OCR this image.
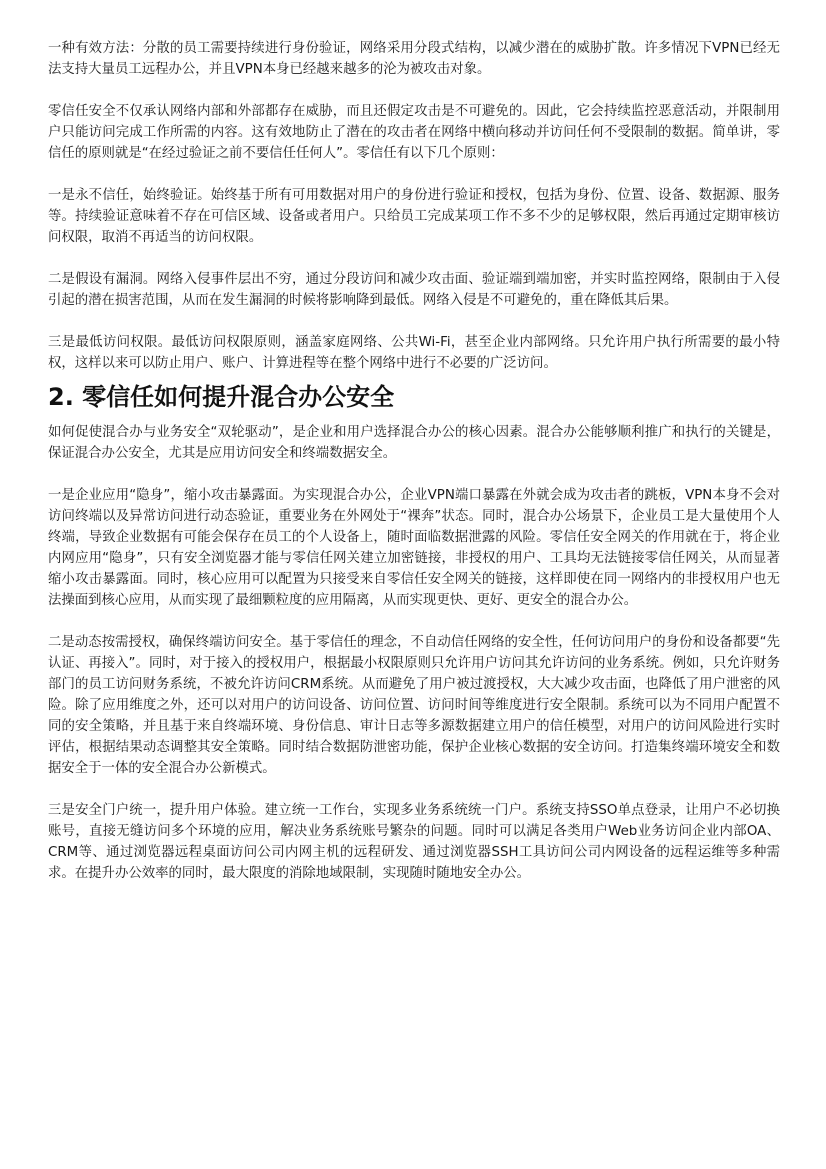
一种有效方法：分散的员工需要持续进行身份验证，网络采用分段式结构，以减少潜在的威胁扩散。许多情况下VPN已经无法支持大量员工远程办公，并且VPN本身已经越来越多的沦为被攻击对象。

零信任安全不仅承认网络内部和外部都存在威胁，而且还假定攻击是不可避免的。因此，它会持续监控恶意活动，并限制用户只能访问完成工作所需的内容。这有效地防止了潜在的攻击者在网络中横向移动并访问任何不受限制的数据。简单讲，零信任的原则就是“在经过验证之前不要信任任何人”。零信任有以下几个原则：

一是永不信任，始终验证。始终基于所有可用数据对用户的身份进行验证和授权，包括为身份、位置、设备、数据源、服务等。持续验证意味着不存在可信区域、设备或者用户。只给员工完成某项工作不多不少的足够权限，然后再通过定期审核访问权限，取消不再适当的访问权限。

二是假设有漏洞。网络入侵事件层出不穷，通过分段访问和减少攻击面、验证端到端加密，并实时监控网络，限制由于入侵引起的潜在损害范围，从而在发生漏洞的时候将影响降到最低。网络入侵是不可避免的，重在降低其后果。

三是最低访问权限。最低访问权限原则，涵盖家庭网络、公共Wi-Fi，甚至企业内部网络。只允许用户执行所需要的最小特权，这样以来可以防止用户、账户、计算进程等在整个网络中进行不必要的广泛访问。

2. 零信任如何提升混合办公安全

如何促使混合办与业务安全“双轮驱动”，是企业和用户选择混合办公的核心因素。混合办公能够顺利推广和执行的关键是，保证混合办公安全，尤其是应用访问安全和终端数据安全。

一是企业应用“隐身”，缩小攻击暴露面。为实现混合办公，企业VPN端口暴露在外就会成为攻击者的跳板，VPN本身不会对访问终端以及异常访问进行动态验证，重要业务在外网处于“裸奔”状态。同时，混合办公场景下，企业员工是大量使用个人终端，导致企业数据有可能会保存在员工的个人设备上，随时面临数据泄露的风险。零信任安全网关的作用就在于，将企业内网应用“隐身”，只有安全浏览器才能与零信任网关建立加密链接，非授权的用户、工具均无法链接零信任网关，从而显著缩小攻击暴露面。同时，核心应用可以配置为只接受来自零信任安全网关的链接，这样即使在同一网络内的非授权用户也无法操面到核心应用，从而实现了最细颗粒度的应用隔离，从而实现更快、更好、更安全的混合办公。

二是动态按需授权，确保终端访问安全。基于零信任的理念，不自动信任网络的安全性，任何访问用户的身份和设备都要“先认证、再接入”。同时，对于接入的授权用户，根据最小权限原则只允许用户访问其允许访问的业务系统。例如，只允许财务部门的员工访问财务系统，不被允许访问CRM系统。从而避免了用户被过渡授权，大大减少攻击面，也降低了用户泄密的风险。除了应用维度之外，还可以对用户的访问设备、访问位置、访问时间等维度进行安全限制。系统可以为不同用户配置不同的安全策略，并且基于来自终端环境、身份信息、审计日志等多源数据建立用户的信任模型，对用户的访问风险进行实时评估，根据结果动态调整其安全策略。同时结合数据防泄密功能，保护企业核心数据的安全访问。打造集终端环境安全和数据安全于一体的安全混合办公新模式。

三是安全门户统一，提升用户体验。建立统一工作台，实现多业务系统统一门户。系统支持SSO单点登录，让用户不必切换账号，直接无缝访问多个环境的应用，解决业务系统账号繁杂的问题。同时可以满足各类用户Web业务访问企业内部OA、CRM等、通过浏览器远程桌面访问公司内网主机的远程研发、通过浏览器SSH工具访问公司内网设备的远程运维等多种需求。在提升办公效率的同时，最大限度的消除地域限制，实现随时随地安全办公。
